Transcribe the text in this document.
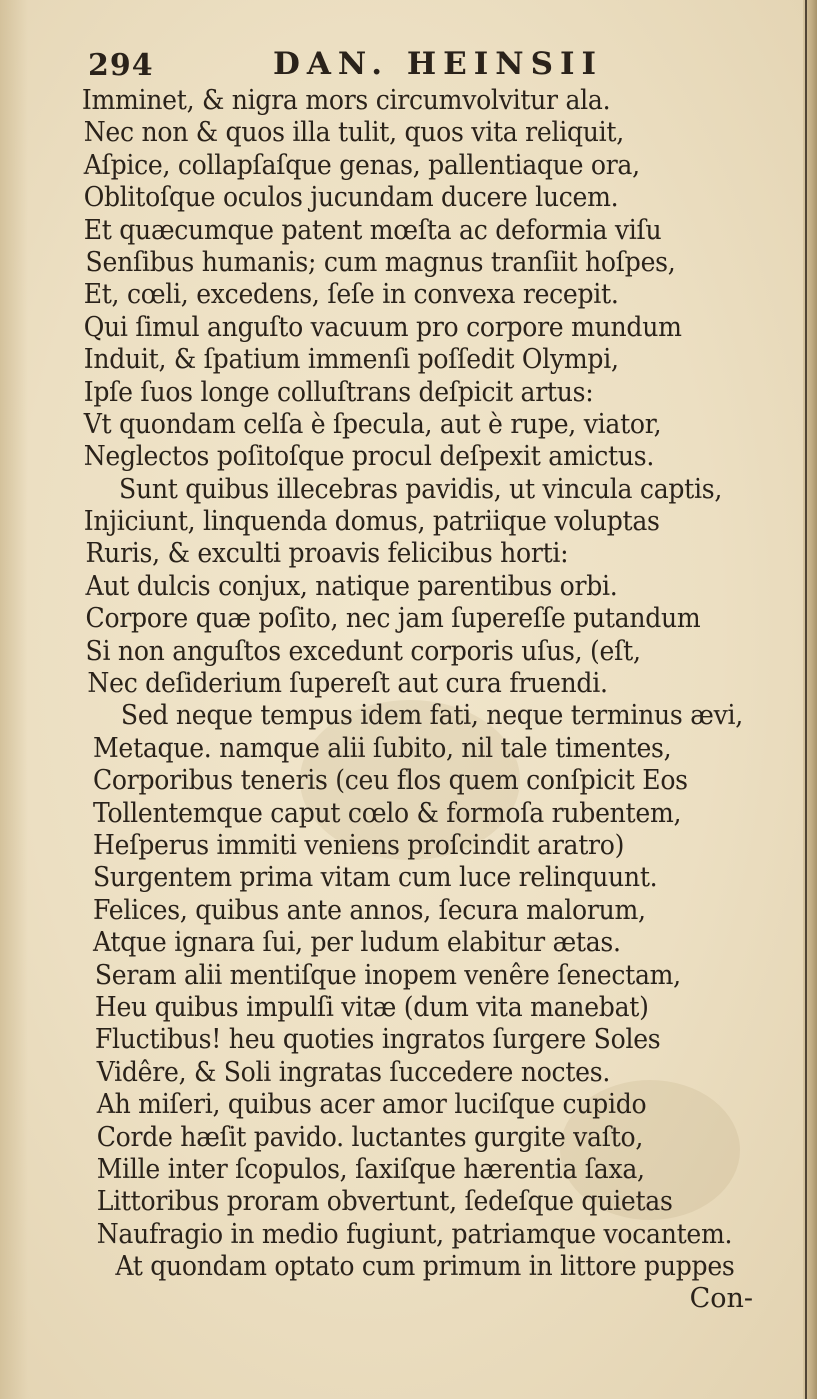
294	DAN. HEINSII
Imminet, & nigra mors circumvolvitur ala.
Nec non & quos illa tulit, quos vita reliquit,
Aſpice, collapſaſque genas, pallentiaque ora,
Oblitoſque oculos jucundam ducere lucem.
Et quæcumque patent mœſta ac deformia viſu
Senſibus humanis; cum magnus tranſiit hoſpes,
Et, cœli, excedens, ſeſe in convexa recepit.
Qui ſimul anguſto vacuum pro corpore mundum
Induit, & ſpatium immenſi poſſedit Olympi,
Ipſe ſuos longe colluſtrans deſpicit artus:
Vt quondam celſa è ſpecula, aut è rupe, viator,
Neglectos poſitoſque procul deſpexit amictus.
Sunt quibus illecebras pavidis, ut vincula captis,
Injiciunt, linquenda domus, patriique voluptas
Ruris, & exculti proavis felicibus horti:
Aut dulcis conjux, natique parentibus orbi.
Corpore quæ poſito, nec jam ſupereſſe putandum
Si non anguſtos excedunt corporis uſus, (eſt,
Nec deſiderium ſupereſt aut cura fruendi.
Sed neque tempus idem fati, neque terminus ævi,
Metaque. namque alii ſubito, nil tale timentes,
Corporibus teneris (ceu flos quem conſpicit Eos
Tollentemque caput cœlo & formoſa rubentem,
Heſperus immiti veniens proſcindit aratro)
Surgentem prima vitam cum luce relinquunt.
Felices, quibus ante annos, ſecura malorum,
Atque ignara ſui, per ludum elabitur ætas.
Seram alii mentiſque inopem venêre ſenectam,
Heu quibus impulſi vitæ (dum vita manebat)
Fluctibus! heu quoties ingratos ſurgere Soles
Vidêre, & Soli ingratas ſuccedere noctes.
Ah miſeri, quibus acer amor luciſque cupido
Corde hæſit pavido. luctantes gurgite vaſto,
Mille inter ſcopulos, ſaxiſque hærentia ſaxa,
Littoribus proram obvertunt, ſedeſque quietas
Naufragio in medio fugiunt, patriamque vocantem.
At quondam optato cum primum in littore puppes
Con-
